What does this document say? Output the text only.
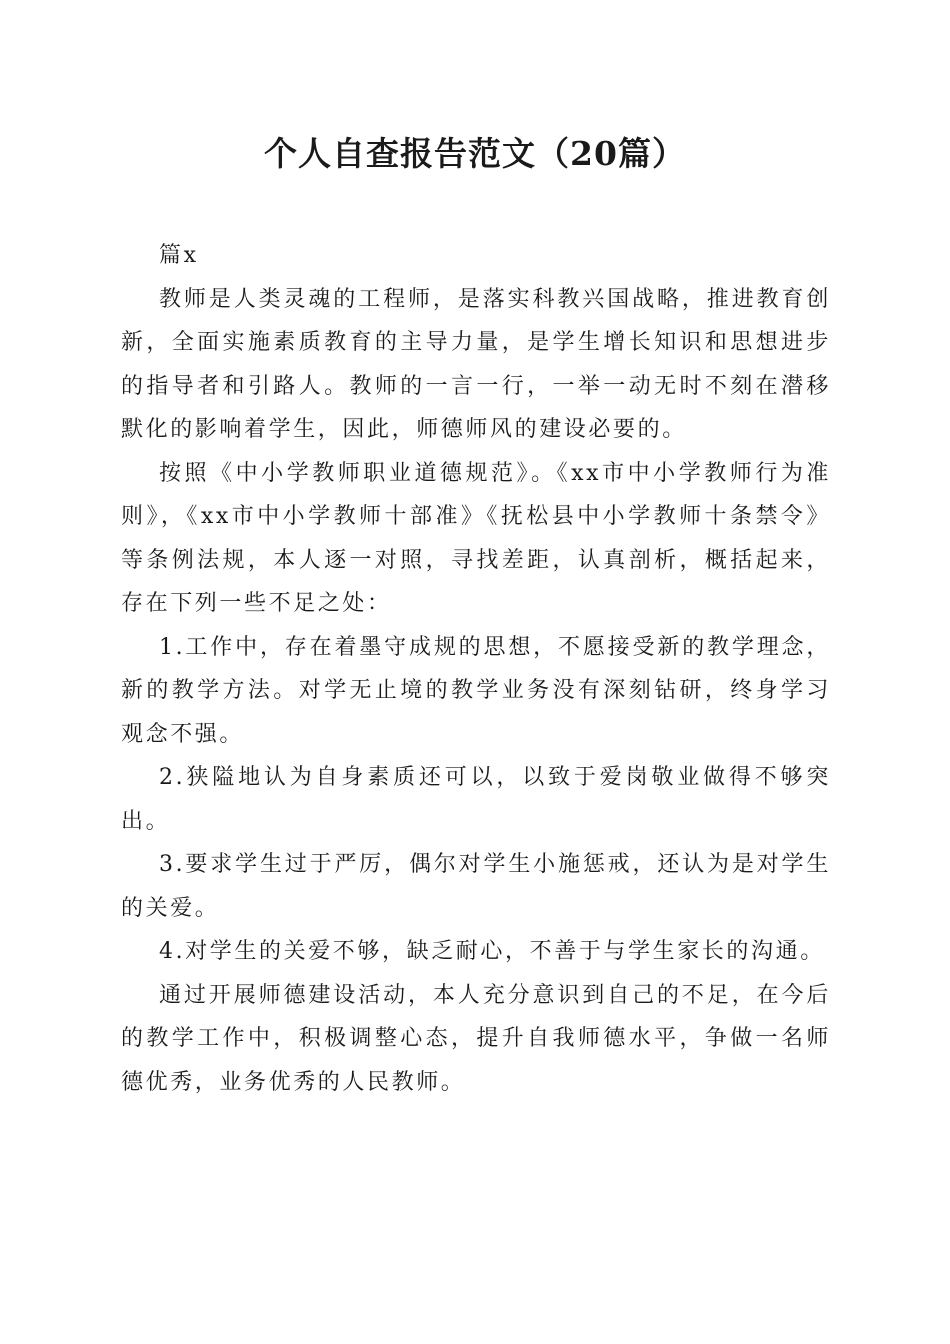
个人自查报告范文（20篇）

篇x

教师是人类灵魂的工程师，是落实科教兴国战略，推进教育创新，全面实施素质教育的主导力量，是学生增长知识和思想进步的指导者和引路人。教师的一言一行，一举一动无时不刻在潜移默化的影响着学生，因此，师德师风的建设必要的。

按照《中小学教师职业道德规范》。《xx市中小学教师行为准则》，《xx市中小学教师十部准》《抚松县中小学教师十条禁令》等条例法规，本人逐一对照，寻找差距，认真剖析，概括起来，存在下列一些不足之处：

1.工作中，存在着墨守成规的思想，不愿接受新的教学理念，新的教学方法。对学无止境的教学业务没有深刻钻研，终身学习观念不强。

2.狭隘地认为自身素质还可以，以致于爱岗敬业做得不够突出。

3.要求学生过于严厉，偶尔对学生小施惩戒，还认为是对学生的关爱。

4.对学生的关爱不够，缺乏耐心，不善于与学生家长的沟通。

通过开展师德建设活动，本人充分意识到自己的不足，在今后的教学工作中，积极调整心态，提升自我师德水平，争做一名师德优秀，业务优秀的人民教师。
